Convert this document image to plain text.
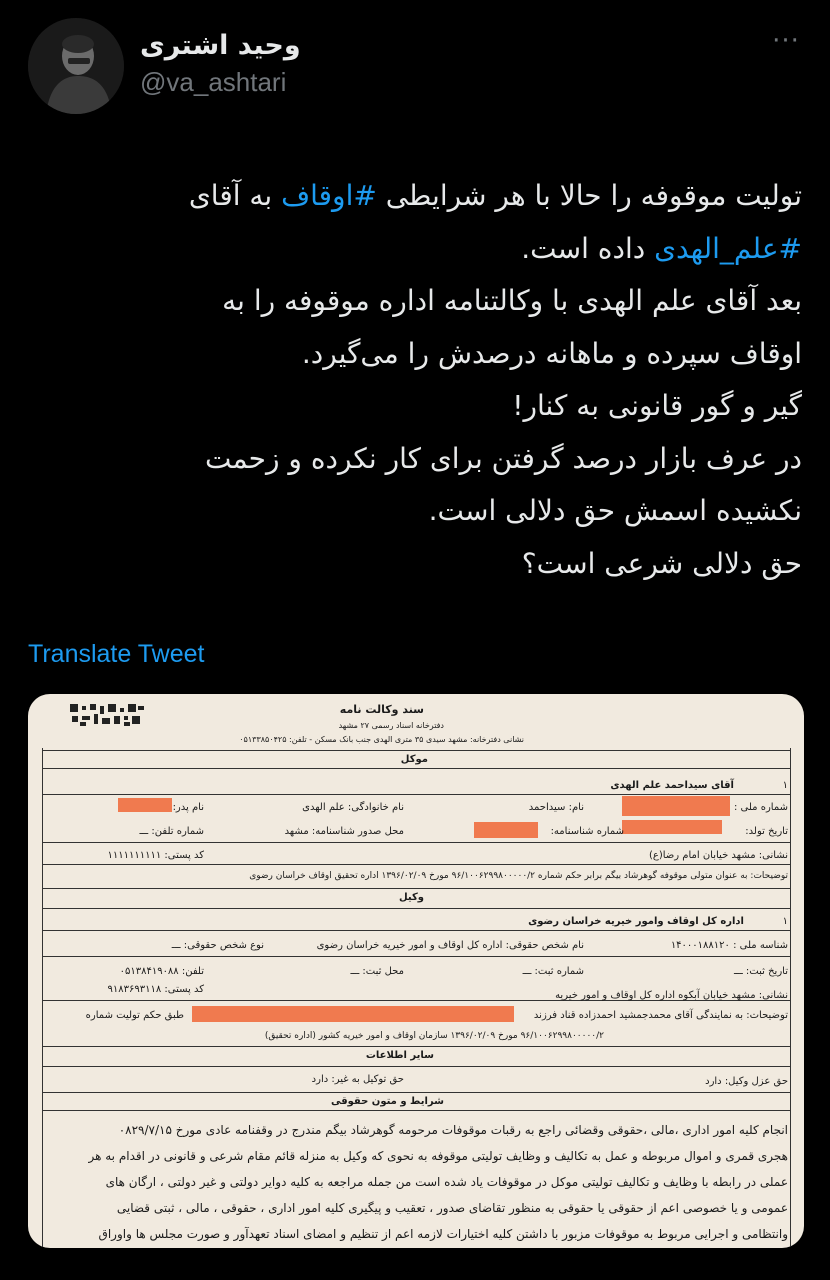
وحید اشتری
@va_ashtari
···
تولیت موقوفه را حالا با هر شرایطی #اوقاف به آقای
#علم_الهدی داده است.
بعد آقای علم الهدی با وکالتنامه اداره موقوفه را به
اوقاف سپرده و ماهانه درصدش را می‌گیرد.
گیر و گور قانونی به کنار!
در عرف بازار درصد گرفتن برای کار نکرده و زحمت
نکشیده اسمش حق دلالی است.
حق دلالی شرعی است؟
Translate Tweet
سند وکالت نامه
دفترخانه اسناد رسمی ۲۷ مشهد
نشانی دفترخانه: مشهد سیدی ۳۵ متری الهدی جنب بانک مسکن - تلفن: ۰۵۱۳۳۸۵۰۴۲۵
موکل
۱
آقای سیداحمد علم الهدی
شماره ملی :
نام: سیداحمد
نام خانوادگی: علم الهدی
نام پدر:
تاریخ تولد:
شماره شناسنامه:
محل صدور شناسنامه: مشهد
شماره تلفن: ـــ
نشانی: مشهد خیابان امام رضا(ع)
کد پستی: ۱۱۱۱۱۱۱۱۱۱
توضیحات: به عنوان متولی موقوفه گوهرشاد بیگم برابر حکم شماره ۹۶/۱۰۰۶۲۹۹۸۰۰۰۰۰/۲ مورخ ۱۳۹۶/۰۲/۰۹ اداره تحقیق اوقاف خراسان رضوی
وکیل
۱
اداره کل اوقاف وامور خیریه خراسان رضوی
شناسه ملی : ۱۴۰۰۰۱۸۸۱۲۰
نام شخص حقوقی: اداره کل اوقاف و امور خیریه خراسان رضوی
نوع شخص حقوقی: ـــ
تاریخ ثبت: ـــ
شماره ثبت: ـــ
محل ثبت: ـــ
تلفن: ۰۵۱۳۸۴۱۹۰۸۸
کد پستی: ۹۱۸۳۶۹۳۱۱۸
نشانی: مشهد خیابان آبکوه اداره کل اوقاف و امور خیریه
توضیحات: به نمایندگی آقای محمدجمشید احمدزاده قناد فرزند
طبق حکم تولیت شماره
۹۶/۱۰۰۶۲۹۹۸۰۰۰۰۰/۲ مورخ ۱۳۹۶/۰۲/۰۹ سازمان اوقاف و امور خیریه کشور (اداره تحقیق)
سایر اطلاعات
حق عزل وکیل: دارد
حق توکیل به غیر: دارد
شرایط و متون حقوقی
انجام کلیه امور اداری ،مالی ،حقوقی وقضائی راجع به رقبات موقوفات مرحومه گوهرشاد بیگم مندرج در وقفنامه عادی مورخ ۰۸۲۹/۷/۱۵
هجری قمری و اموال مربوطه و عمل به تکالیف و وظایف تولیتی موقوفه به نحوی که وکیل به منزله قائم مقام شرعی و قانونی در اقدام به هر
عملی در رابطه با وظایف و تکالیف تولیتی موکل در موقوفات یاد شده است من جمله مراجعه به کلیه دوایر دولتی و غیر دولتی ، ارگان های
عمومی و یا خصوصی اعم از حقوقی یا حقوقی به منظور تقاضای صدور ، تعقیب و پیگیری کلیه امور اداری ، حقوقی ، مالی ، ثبتی قضایی
وانتظامی و اجرایی مربوط به موقوفات مزبور با داشتن کلیه اختیارات لازمه اعم از تنظیم و امضای اسناد تعهدآور و صورت مجلس ها واوراق
